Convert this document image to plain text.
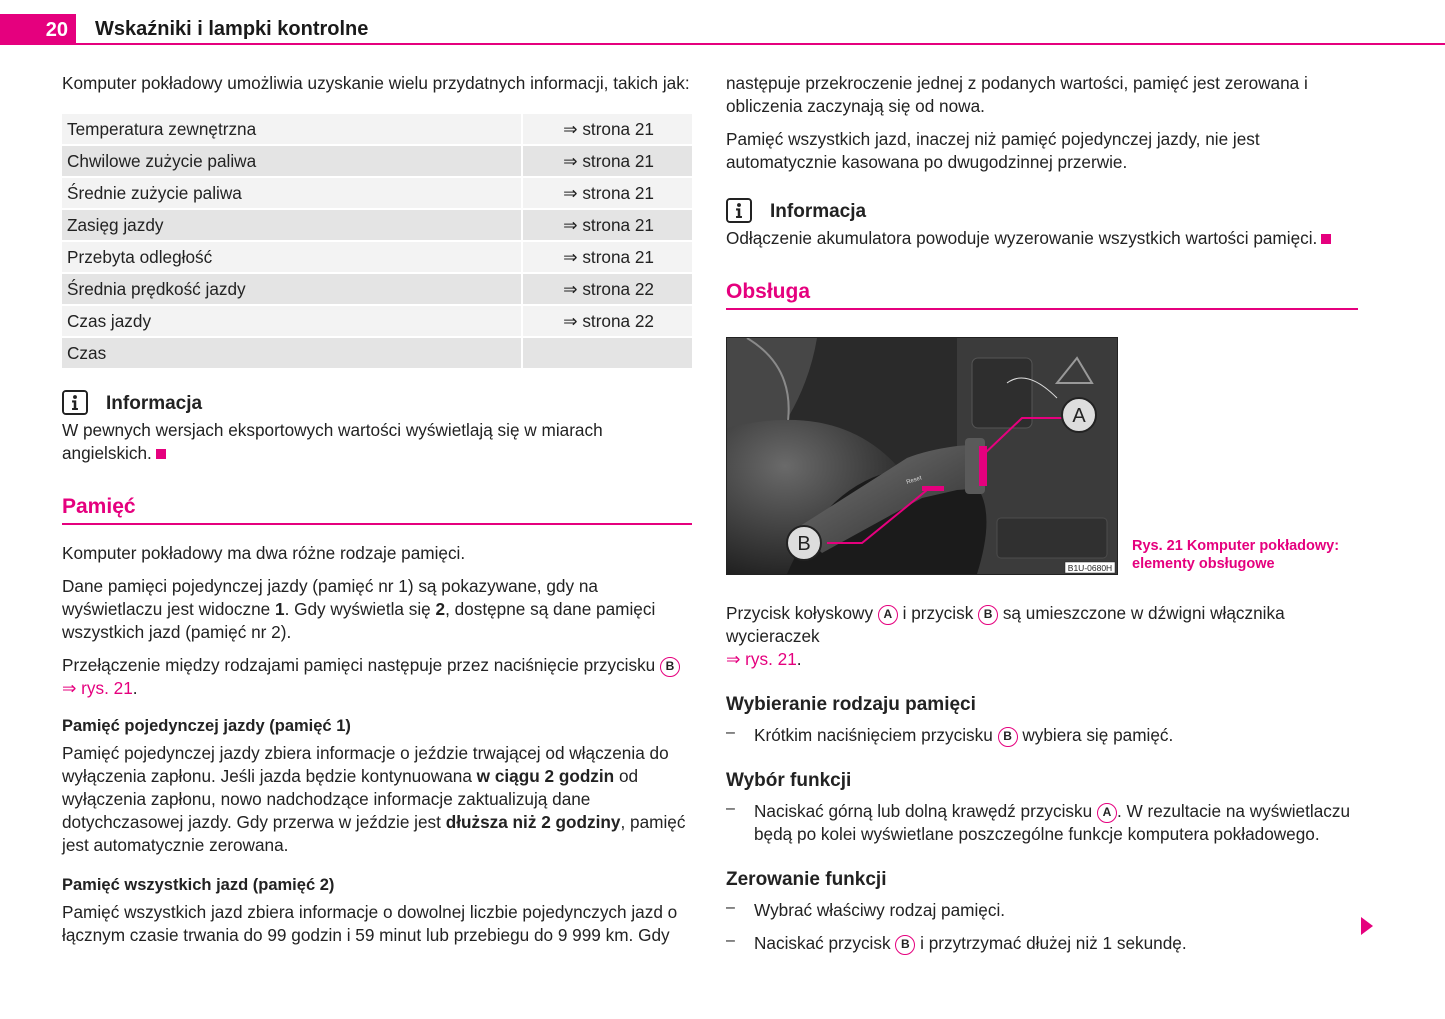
20	Wskaźniki i lampki kontrolne

Komputer pokładowy umożliwia uzyskanie wielu przydatnych informacji, takich jak:

Temperatura zewnętrzna	⇒ strona 21
Chwilowe zużycie paliwa	⇒ strona 21
Średnie zużycie paliwa	⇒ strona 21
Zasięg jazdy	⇒ strona 21
Przebyta odległość	⇒ strona 21
Średnia prędkość jazdy	⇒ strona 22
Czas jazdy	⇒ strona 22
Czas	
Informacja

W pewnych wersjach eksportowych wartości wyświetlają się w miarach angielskich.

Pamięć

Komputer pokładowy ma dwa różne rodzaje pamięci.

Dane pamięci pojedynczej jazdy (pamięć nr 1) są pokazywane, gdy na wyświetlaczu jest widoczne 1. Gdy wyświetla się 2, dostępne są dane pamięci wszystkich jazd (pamięć nr 2).

Przełączenie między rodzajami pamięci następuje przez naciśnięcie przycisku B
⇒ rys. 21.

Pamięć pojedynczej jazdy (pamięć 1)

Pamięć pojedynczej jazdy zbiera informacje o jeździe trwającej od włączenia do wyłączenia zapłonu. Jeśli jazda będzie kontynuowana w ciągu 2 godzin od wyłączenia zapłonu, nowo nadchodzące informacje zaktualizują dane dotychczasowej jazdy. Gdy przerwa w jeździe jest dłuższa niż 2 godziny, pamięć jest automatycznie zerowana.

Pamięć wszystkich jazd (pamięć 2)

Pamięć wszystkich jazd zbiera informacje o dowolnej liczbie pojedynczych jazd o łącznym czasie trwania do 99 godzin i 59 minut lub przebiegu do 9 999 km. Gdy

następuje przekroczenie jednej z podanych wartości, pamięć jest zerowana i obliczenia zaczynają się od nowa.

Pamięć wszystkich jazd, inaczej niż pamięć pojedynczej jazdy, nie jest automatycznie kasowana po dwugodzinnej przerwie.

Informacja

Odłączenie akumulatora powoduje wyzerowanie wszystkich wartości pamięci.

Obsługa
A
B
Reset
B1U-0680H
Rys. 21 Komputer pokładowy:
elementy obsługowe

Przycisk kołyskowy A i przycisk B są umieszczone w dźwigni włącznika wycieraczek
⇒ rys. 21.

Wybieranie rodzaju pamięci

–	Krótkim naciśnięciem przycisku B wybiera się pamięć.

Wybór funkcji

–	Naciskać górną lub dolną krawędź przycisku A . W rezultacie na wyświetlaczu będą po kolei wyświetlane poszczególne funkcje komputera pokładowego.

Zerowanie funkcji

–	Wybrać właściwy rodzaj pamięci.

–	Naciskać przycisk B i przytrzymać dłużej niż 1 sekundę.
